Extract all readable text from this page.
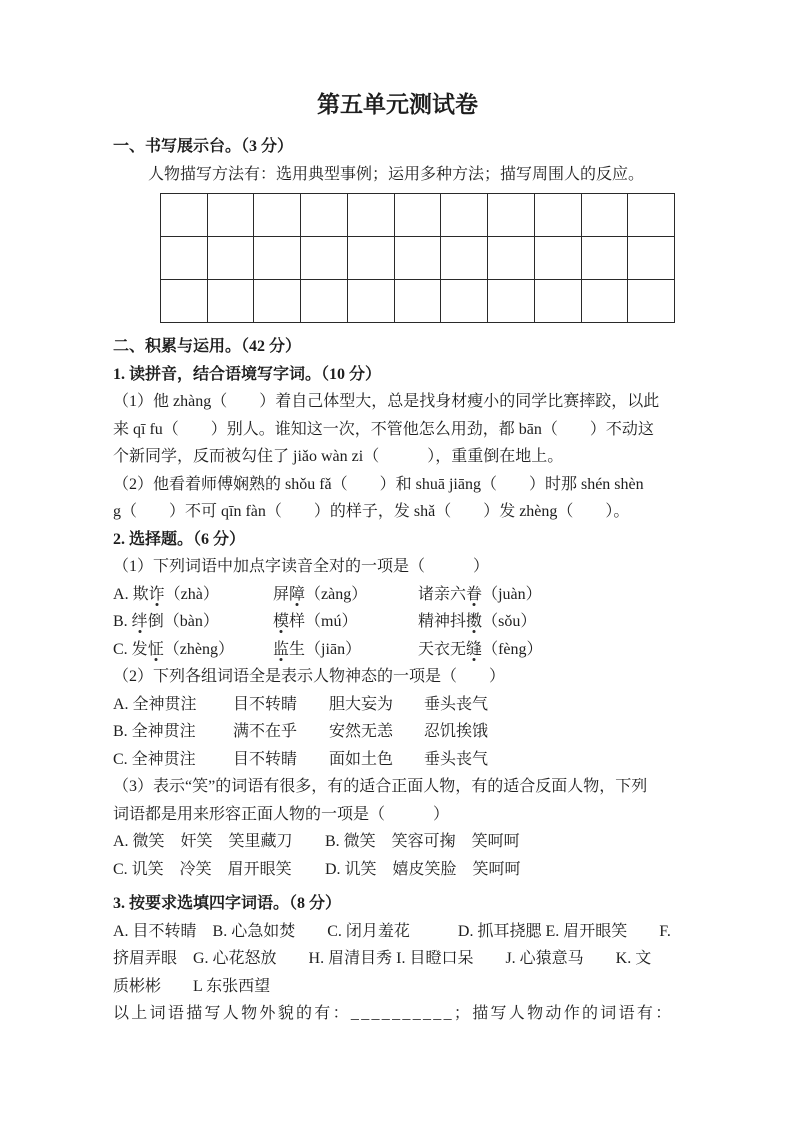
第五单元测试卷
一、书写展示台。（3 分）
人物描写方法有：选用典型事例；运用多种方法；描写周围人的反应。
二、积累与运用。（42 分）
1. 读拼音，结合语境写字词。（10 分）
（1）他 zhàng（　　）着自己体型大，总是找身材瘦小的同学比赛摔跤，以此
来 qī fu（　　）别人。谁知这一次，不管他怎么用劲，都 bān（　　）不动这
个新同学，反而被勾住了 jiǎo wàn zi（　　　），重重倒在地上。
（2）他看着师傅娴熟的 shǒu fǎ（　　）和 shuā jiāng（　　）时那 shén shèn
g（　　）不可 qīn fàn（　　）的样子，发 shǎ（　　）发 zhèng（　　）。
2. 选择题。（6 分）
（1）下列词语中加点字读音全对的一项是（　　　）
A. 欺诈（zhà）	屏障（zàng）	诸亲六眷（juàn）
B. 绊倒（bàn）	模样（mú）	精神抖擞（sǒu）
C. 发怔（zhèng）	监生（jiān）	天衣无缝（fèng）
（2）下列各组词语全是表示人物神态的一项是（　　）
A. 全神贯注	目不转睛	胆大妄为	垂头丧气
B. 全神贯注	满不在乎	安然无恙	忍饥挨饿
C. 全神贯注	目不转睛	面如土色	垂头丧气
（3）表示“笑”的词语有很多，有的适合正面人物，有的适合反面人物，下列
词语都是用来形容正面人物的一项是（　　　）
A. 微笑　奸笑　笑里藏刀	B. 微笑　笑容可掬　笑呵呵
C. 讥笑　冷笑　眉开眼笑	D. 讥笑　嬉皮笑脸　笑呵呵
3. 按要求选填四字词语。（8 分）
A. 目不转睛　B. 心急如焚　　C. 闭月羞花　　　D. 抓耳挠腮 E. 眉开眼笑　　F.
挤眉弄眼　G. 心花怒放　　H. 眉清目秀 I. 目瞪口呆　　J. 心猿意马　　K. 文
质彬彬　　L 东张西望
以上词语描写人物外貌的有：__________；描写人物动作的词语有：
